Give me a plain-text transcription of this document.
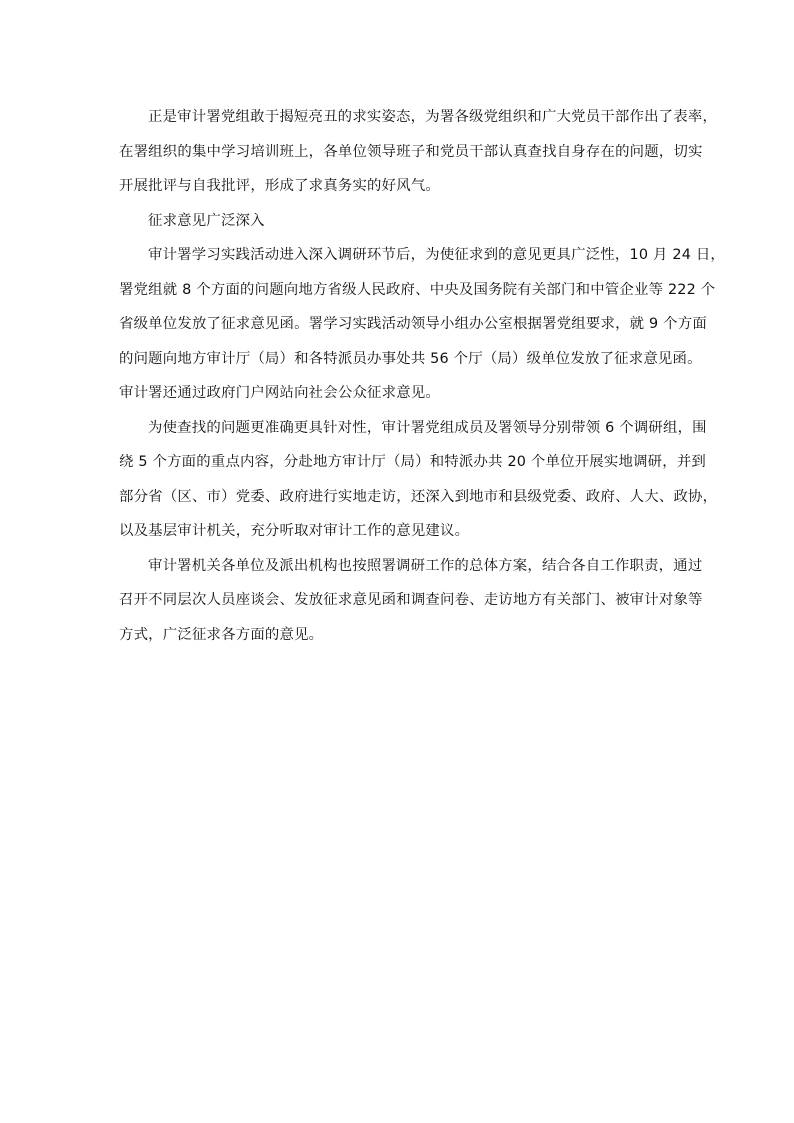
正是审计署党组敢于揭短亮丑的求实姿态，为署各级党组织和广大党员干部作出了表率，
在署组织的集中学习培训班上，各单位领导班子和党员干部认真查找自身存在的问题，切实
开展批评与自我批评，形成了求真务实的好风气。
征求意见广泛深入
审计署学习实践活动进入深入调研环节后，为使征求到的意见更具广泛性，10 月 24 日，
署党组就 8 个方面的问题向地方省级人民政府、中央及国务院有关部门和中管企业等 222 个
省级单位发放了征求意见函。署学习实践活动领导小组办公室根据署党组要求，就 9 个方面
的问题向地方审计厅（局）和各特派员办事处共 56 个厅（局）级单位发放了征求意见函。
审计署还通过政府门户网站向社会公众征求意见。
为使查找的问题更准确更具针对性，审计署党组成员及署领导分别带领 6 个调研组，围
绕 5 个方面的重点内容，分赴地方审计厅（局）和特派办共 20 个单位开展实地调研，并到
部分省（区、市）党委、政府进行实地走访，还深入到地市和县级党委、政府、人大、政协，
以及基层审计机关，充分听取对审计工作的意见建议。
审计署机关各单位及派出机构也按照署调研工作的总体方案，结合各自工作职责，通过
召开不同层次人员座谈会、发放征求意见函和调查问卷、走访地方有关部门、被审计对象等
方式，广泛征求各方面的意见。
